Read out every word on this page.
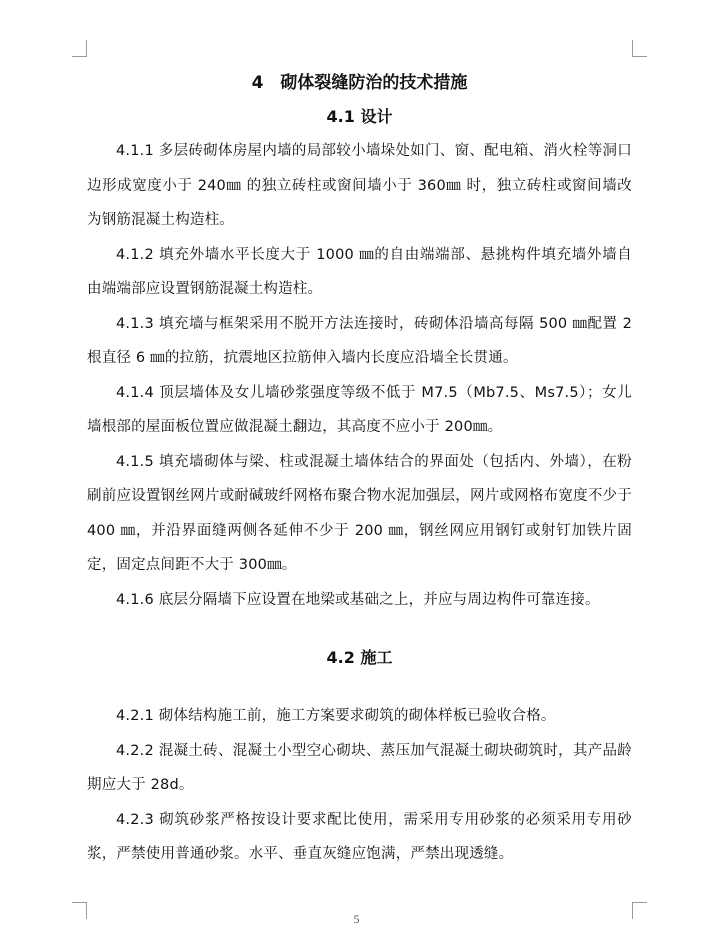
4　砌体裂缝防治的技术措施
4.1 设计

4.1.1 多层砖砌体房屋内墙的局部较小墙垛处如门、窗、配电箱、消火栓等洞口边形成宽度小于 240㎜ 的独立砖柱或窗间墙小于 360㎜ 时，独立砖柱或窗间墙改为钢筋混凝土构造柱。

4.1.2 填充外墙水平长度大于 1000 ㎜的自由端端部、悬挑构件填充墙外墙自由端端部应设置钢筋混凝土构造柱。

4.1.3 填充墙与框架采用不脱开方法连接时，砖砌体沿墙高每隔 500 ㎜配置 2 根直径 6 ㎜的拉筋，抗震地区拉筋伸入墙内长度应沿墙全长贯通。

4.1.4 顶层墙体及女儿墙砂浆强度等级不低于 M7.5（Mb7.5、Ms7.5）；女儿墙根部的屋面板位置应做混凝土翻边，其高度不应小于 200㎜。

4.1.5 填充墙砌体与梁、柱或混凝土墙体结合的界面处（包括内、外墙），在粉刷前应设置钢丝网片或耐碱玻纤网格布聚合物水泥加强层，网片或网格布宽度不少于 400 ㎜，并沿界面缝两侧各延伸不少于 200 ㎜，钢丝网应用钢钉或射钉加铁片固定，固定点间距不大于 300㎜。

4.1.6 底层分隔墙下应设置在地梁或基础之上，并应与周边构件可靠连接。

4.2 施工

4.2.1 砌体结构施工前，施工方案要求砌筑的砌体样板已验收合格。

4.2.2 混凝土砖、混凝土小型空心砌块、蒸压加气混凝土砌块砌筑时，其产品龄期应大于 28d。

4.2.3 砌筑砂浆严格按设计要求配比使用，需采用专用砂浆的必须采用专用砂浆，严禁使用普通砂浆。水平、垂直灰缝应饱满，严禁出现透缝。

5
